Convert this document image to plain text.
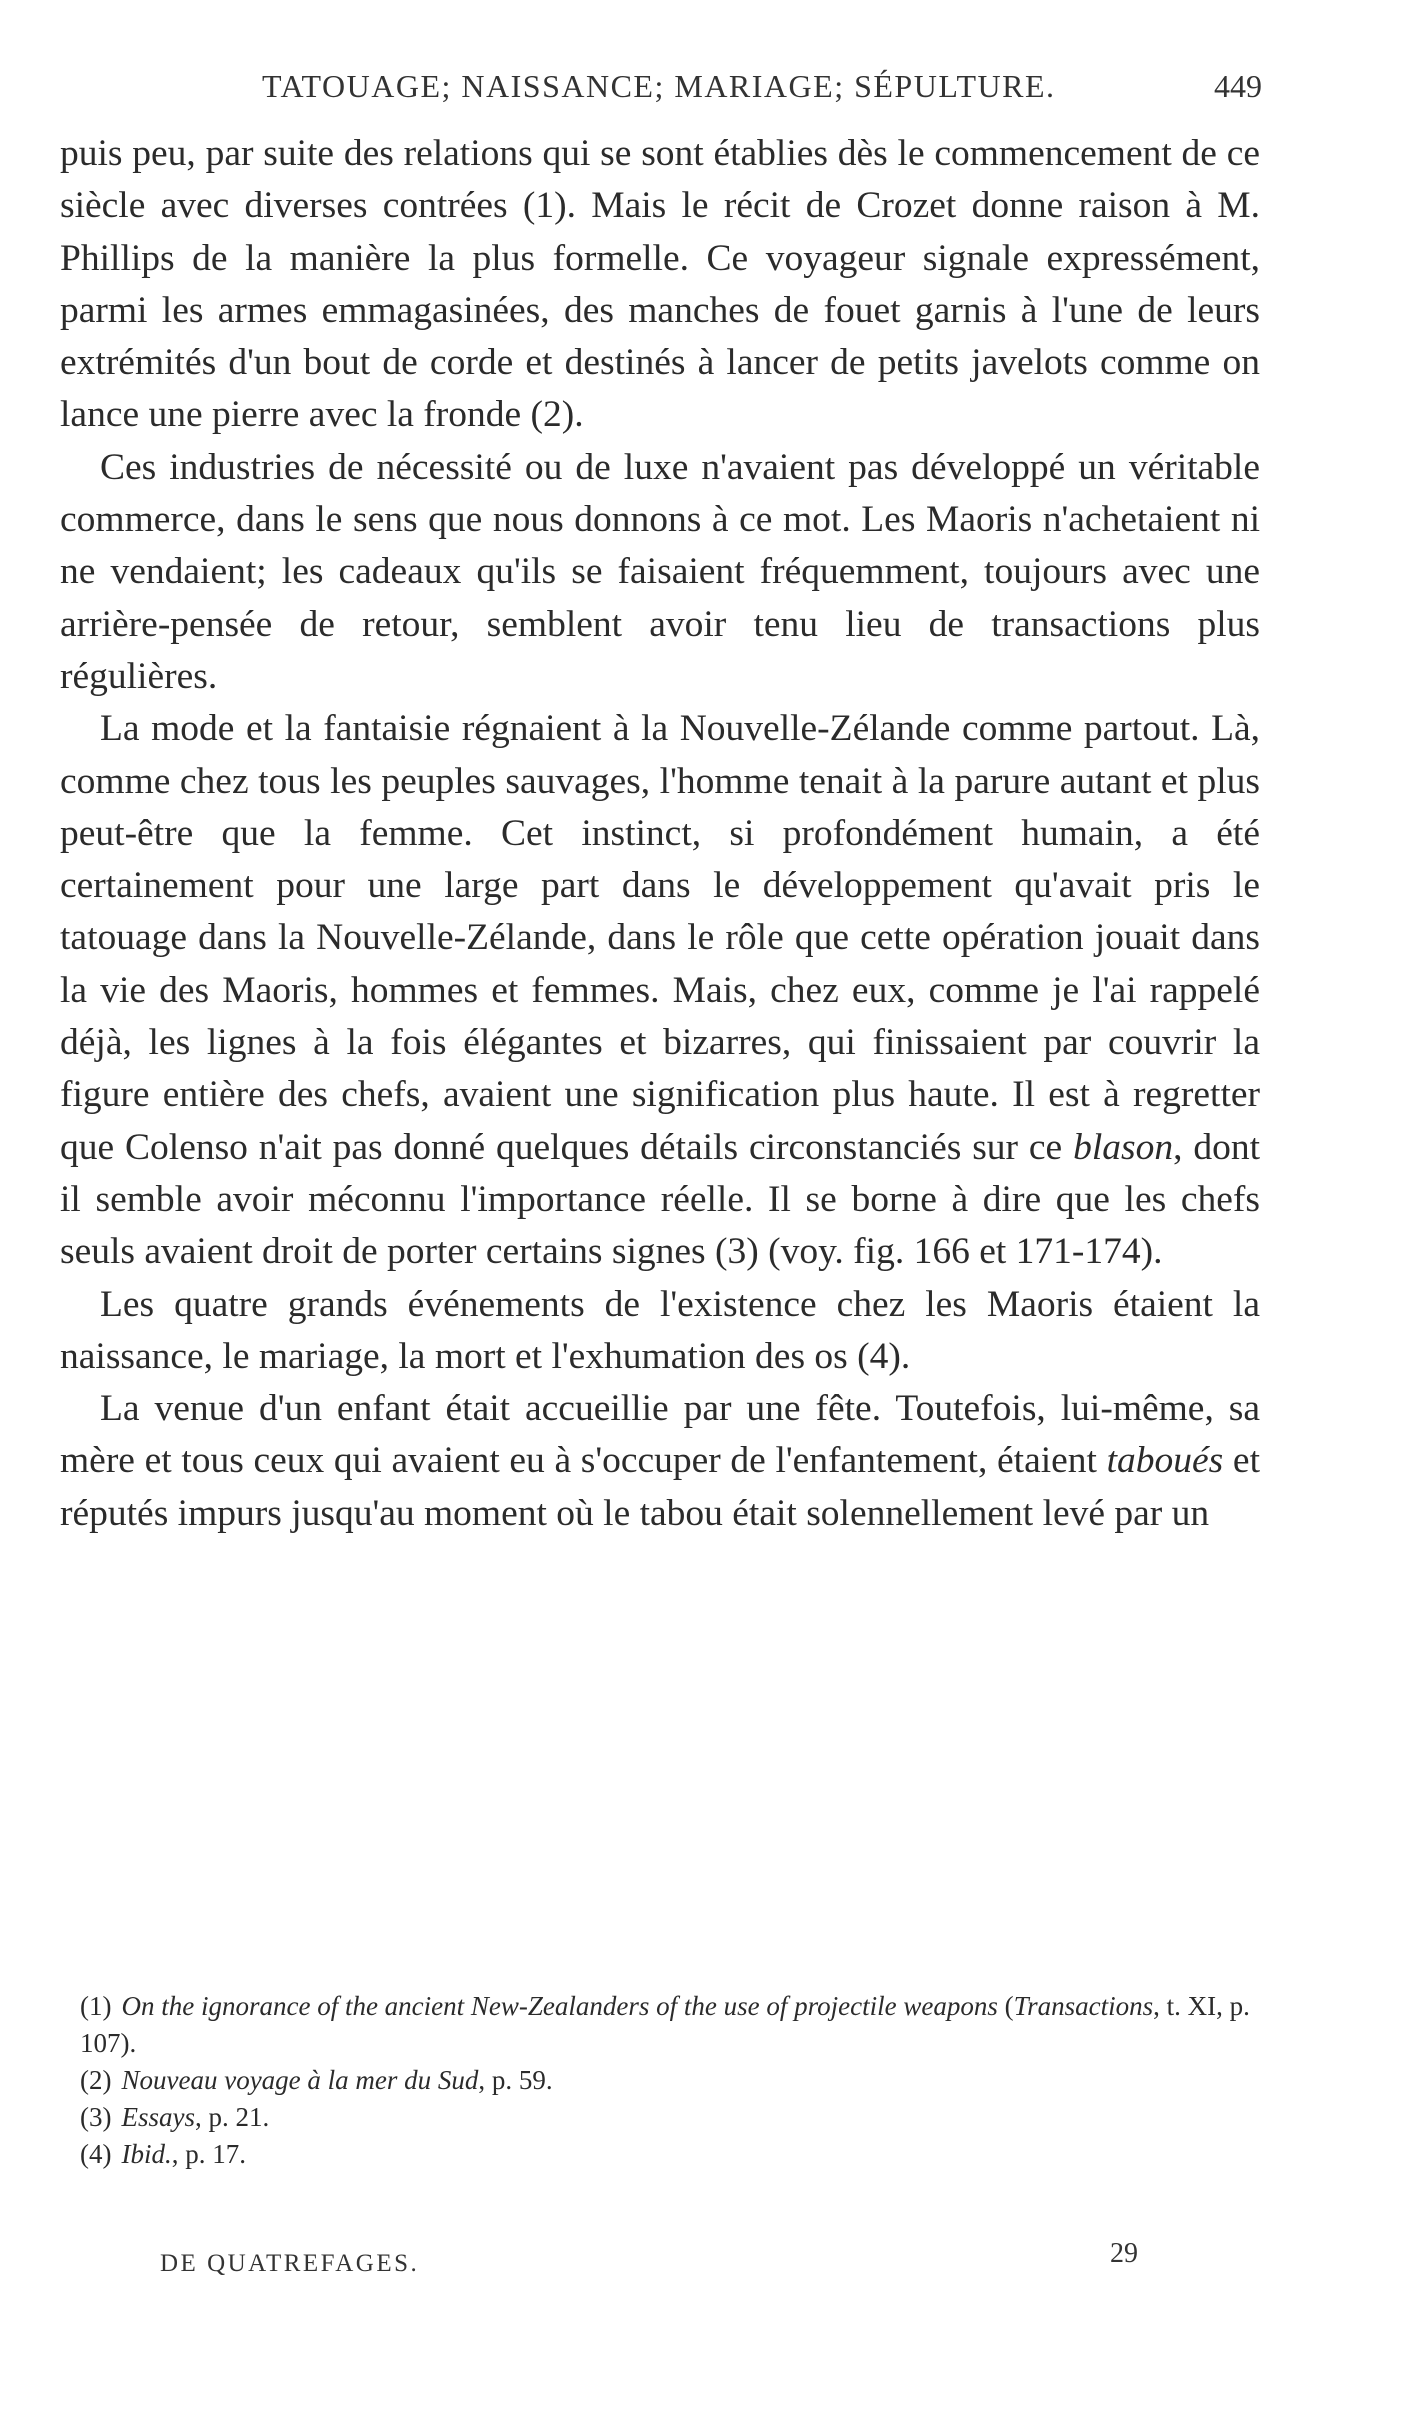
TATOUAGE; NAISSANCE; MARIAGE; SÉPULTURE.	449

puis peu, par suite des relations qui se sont établies dès le commencement de ce siècle avec diverses contrées (1). Mais le récit de Crozet donne raison à M. Phillips de la manière la plus formelle. Ce voyageur signale expressément, parmi les armes emmagasinées, des manches de fouet garnis à l'une de leurs extrémités d'un bout de corde et destinés à lancer de petits javelots comme on lance une pierre avec la fronde (2).

Ces industries de nécessité ou de luxe n'avaient pas développé un véritable commerce, dans le sens que nous donnons à ce mot. Les Maoris n'achetaient ni ne vendaient; les cadeaux qu'ils se faisaient fréquemment, toujours avec une arrière-pensée de retour, semblent avoir tenu lieu de transactions plus régulières.

La mode et la fantaisie régnaient à la Nouvelle-Zélande comme partout. Là, comme chez tous les peuples sauvages, l'homme tenait à la parure autant et plus peut-être que la femme. Cet instinct, si profondément humain, a été certainement pour une large part dans le développement qu'avait pris le tatouage dans la Nouvelle-Zélande, dans le rôle que cette opération jouait dans la vie des Maoris, hommes et femmes. Mais, chez eux, comme je l'ai rappelé déjà, les lignes à la fois élégantes et bizarres, qui finissaient par couvrir la figure entière des chefs, avaient une signification plus haute. Il est à regretter que Colenso n'ait pas donné quelques détails circonstanciés sur ce blason, dont il semble avoir méconnu l'importance réelle. Il se borne à dire que les chefs seuls avaient droit de porter certains signes (3) (voy. fig. 166 et 171-174).

Les quatre grands événements de l'existence chez les Maoris étaient la naissance, le mariage, la mort et l'exhumation des os (4).

La venue d'un enfant était accueillie par une fête. Toutefois, lui-même, sa mère et tous ceux qui avaient eu à s'occuper de l'enfantement, étaient taboués et réputés impurs jusqu'au moment où le tabou était solennellement levé par un

(1) On the ignorance of the ancient New-Zealanders of the use of projectile weapons (Transactions, t. XI, p. 107).

(2) Nouveau voyage à la mer du Sud, p. 59.

(3) Essays, p. 21.

(4) Ibid., p. 17.

DE QUATREFAGES.	29
